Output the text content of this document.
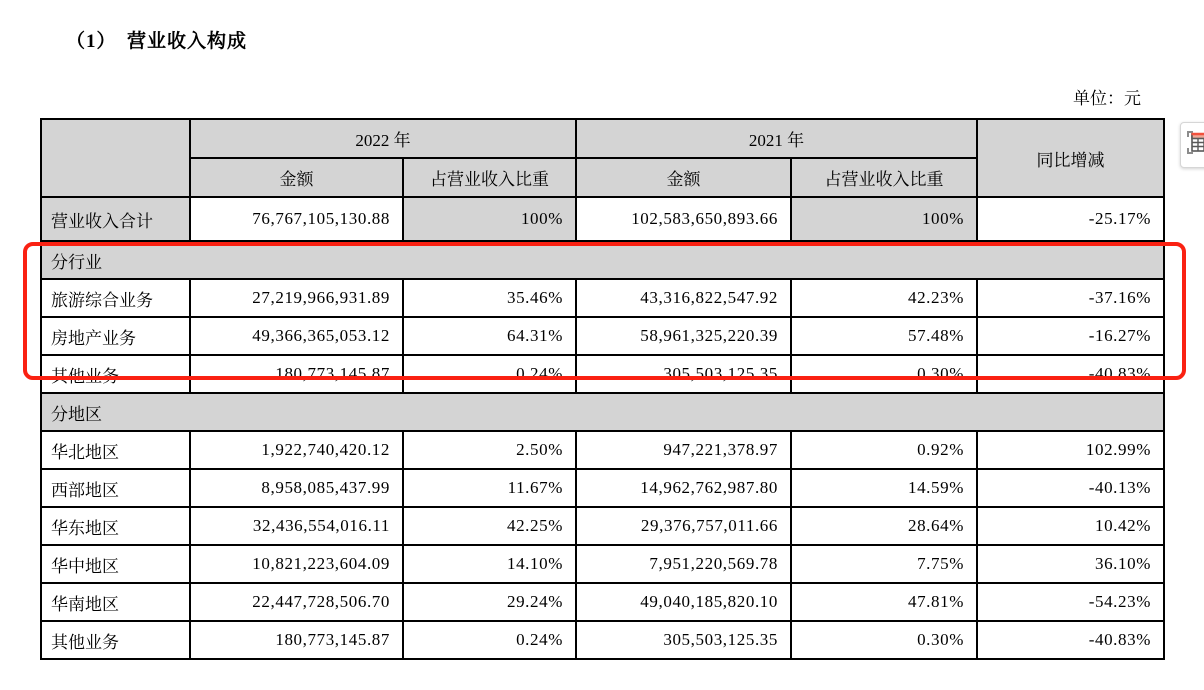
（1）　营业收入构成
单位：元
	2022 年		2021 年		同比增减
	金额	占营业收入比重	金额	占营业收入比重	
营业收入合计	76,767,105,130.88	100%	102,583,650,893.66	100%	-25.17%
分行业					
旅游综合业务	27,219,966,931.89	35.46%	43,316,822,547.92	42.23%	-37.16%
房地产业务	49,366,365,053.12	64.31%	58,961,325,220.39	57.48%	-16.27%
其他业务	180,773,145.87	0.24%	305,503,125.35	0.30%	-40.83%
分地区					
华北地区	1,922,740,420.12	2.50%	947,221,378.97	0.92%	102.99%
西部地区	8,958,085,437.99	11.67%	14,962,762,987.80	14.59%	-40.13%
华东地区	32,436,554,016.11	42.25%	29,376,757,011.66	28.64%	10.42%
华中地区	10,821,223,604.09	14.10%	7,951,220,569.78	7.75%	36.10%
华南地区	22,447,728,506.70	29.24%	49,040,185,820.10	47.81%	-54.23%
其他业务	180,773,145.87	0.24%	305,503,125.35	0.30%	-40.83%
